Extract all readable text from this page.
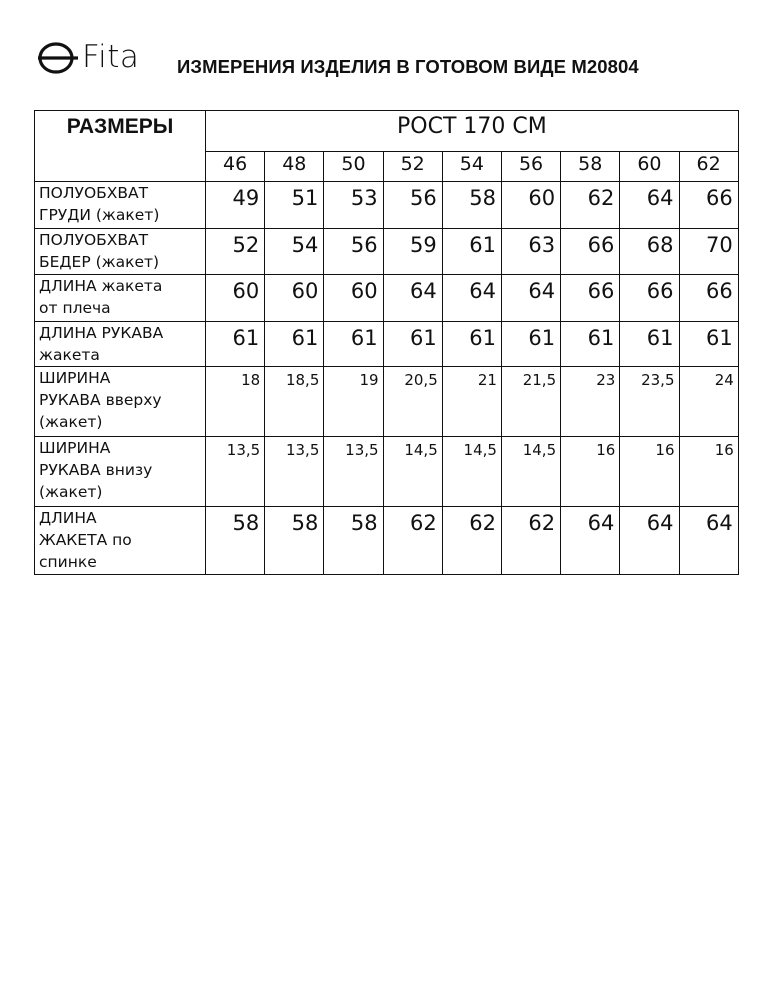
Fita ИЗМЕРЕНИЯ ИЗДЕЛИЯ В ГОТОВОМ ВИДЕ М20804
РАЗМЕРЫ	РОСТ 170 СМ								
	46	48	50	52	54	56	58	60	62
ПОЛУОБХВАТ
ГРУДИ (жакет)	49	51	53	56	58	60	62	64	66
ПОЛУОБХВАТ
БЕДЕР (жакет)	52	54	56	59	61	63	66	68	70
ДЛИНА жакета
от плеча	60	60	60	64	64	64	66	66	66
ДЛИНА РУКАВА
жакета	61	61	61	61	61	61	61	61	61
ШИРИНА
РУКАВА вверху
(жакет)	18	18,5	19	20,5	21	21,5	23	23,5	24
ШИРИНА
РУКАВА внизу
(жакет)	13,5	13,5	13,5	14,5	14,5	14,5	16	16	16
ДЛИНА
ЖАКЕТА по
спинке	58	58	58	62	62	62	64	64	64
